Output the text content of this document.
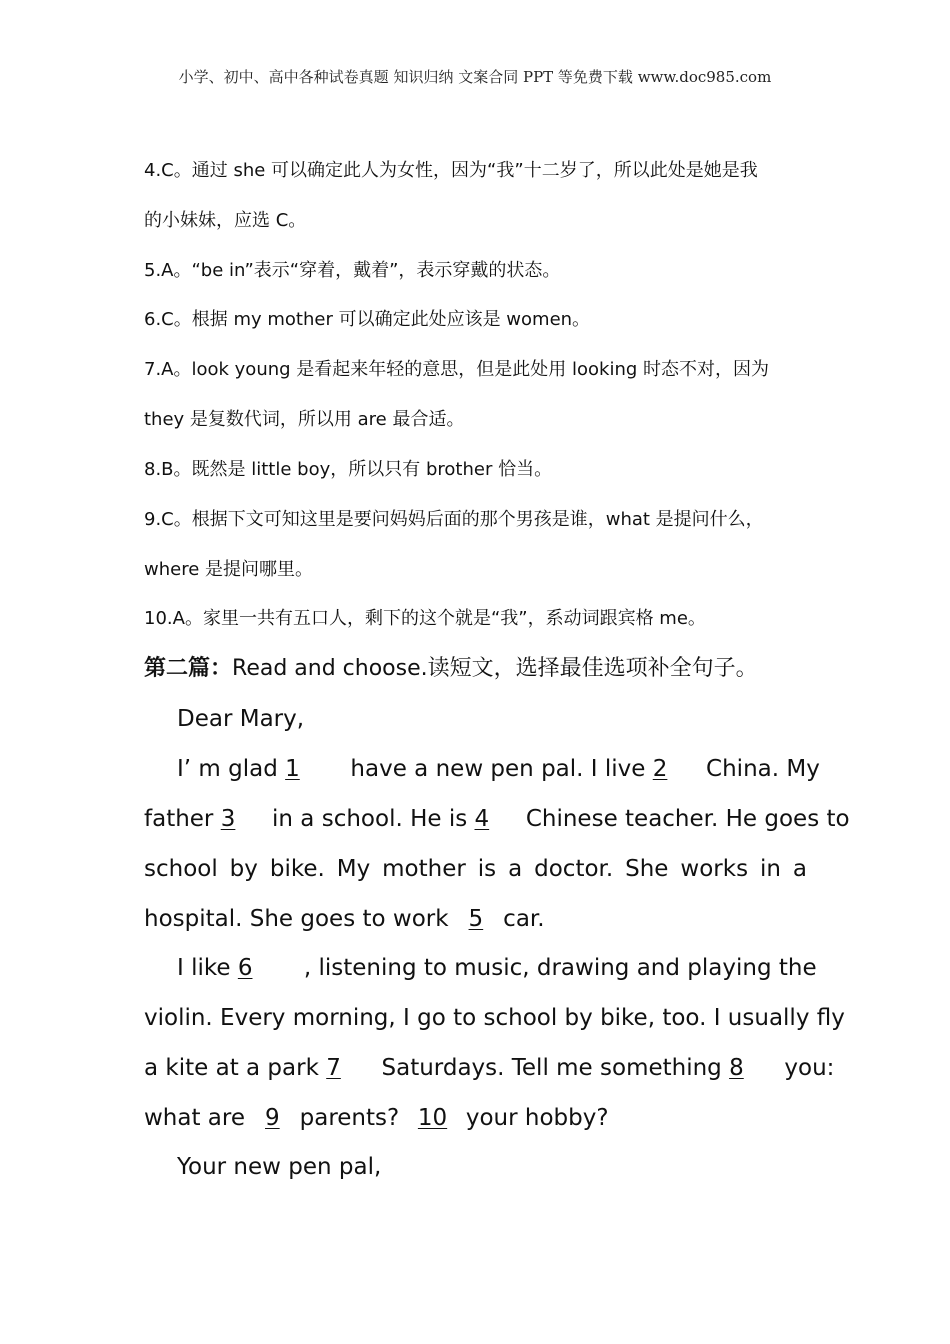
小学、初中、高中各种试卷真题 知识归纳 文案合同 PPT 等免费下载 www.doc985.com
4.C。通过 she 可以确定此人为女性，因为“我”十二岁了，所以此处是她是我
的小妹妹，应选 C。
5.A。“be in”表示“穿着，戴着”，表示穿戴的状态。
6.C。根据 my mother 可以确定此处应该是 women。
7.A。look young 是看起来年轻的意思，但是此处用 looking 时态不对，因为
they 是复数代词，所以用 are 最合适。
8.B。既然是 little boy，所以只有 brother 恰当。
9.C。根据下文可知这里是要问妈妈后面的那个男孩是谁，what 是提问什么，
where 是提问哪里。
10.A。家里一共有五口人，剩下的这个就是“我”，系动词跟宾格 me。
第二篇：Read and choose.读短文，选择最佳选项补全句子。
Dear Mary,
I’ m glad 1 have a new pen pal. I live 2 China. My
father 3 in a school. He is 4 Chinese teacher. He goes to
school by bike. My mother is a doctor. She works in a
hospital. She goes to work 5 car.
I like 6 , listening to music, drawing and playing the
violin. Every morning, I go to school by bike, too. I usually fly
a kite at a park 7 Saturdays. Tell me something 8 you:
what are 9 parents? 10 your hobby?
Your new pen pal,
